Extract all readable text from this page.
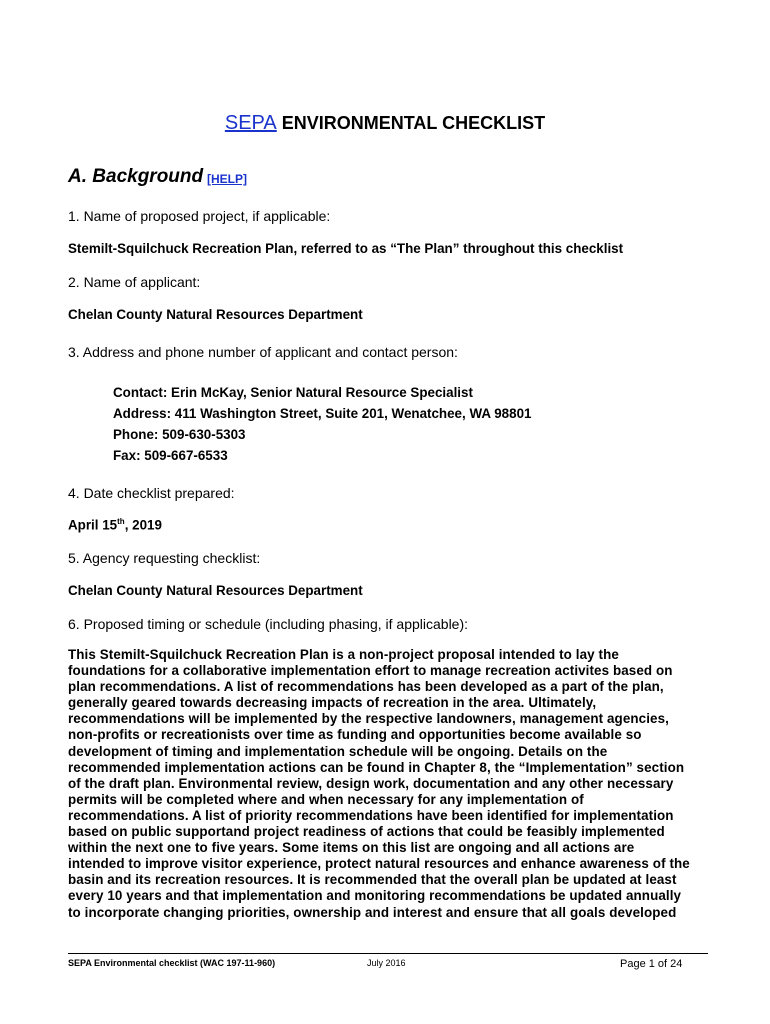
SEPA ENVIRONMENTAL CHECKLIST
A. Background [HELP]
1. Name of proposed project, if applicable:
Stemilt-Squilchuck Recreation Plan, referred to as “The Plan” throughout this checklist
2. Name of applicant:
Chelan County Natural Resources Department
3. Address and phone number of applicant and contact person:
Contact: Erin McKay, Senior Natural Resource Specialist
Address: 411 Washington Street, Suite 201, Wenatchee, WA 98801
Phone: 509-630-5303
Fax: 509-667-6533
4. Date checklist prepared:
April 15th, 2019
5. Agency requesting checklist:
Chelan County Natural Resources Department
6. Proposed timing or schedule (including phasing, if applicable):
This Stemilt-Squilchuck Recreation Plan is a non-project proposal intended to lay the
foundations for a collaborative implementation effort to manage recreation activites based on
plan recommendations. A list of recommendations has been developed as a part of the plan,
generally geared towards decreasing impacts of recreation in the area. Ultimately,
recommendations will be implemented by the respective landowners, management agencies,
non-profits or recreationists over time as funding and opportunities become available so
development of timing and implementation schedule will be ongoing. Details on the
recommended implementation actions can be found in Chapter 8, the “Implementation” section
of the draft plan. Environmental review, design work, documentation and any other necessary
permits will be completed where and when necessary for any implementation of
recommendations. A list of priority recommendations have been identified for implementation
based on public supportand project readiness of actions that could be feasibly implemented
within the next one to five years. Some items on this list are ongoing and all actions are
intended to improve visitor experience, protect natural resources and enhance awareness of the
basin and its recreation resources. It is recommended that the overall plan be updated at least
every 10 years and that implementation and monitoring recommendations be updated annually
to incorporate changing priorities, ownership and interest and ensure that all goals developed
SEPA Environmental checklist (WAC 197-11-960)	July 2016	Page 1 of 24
